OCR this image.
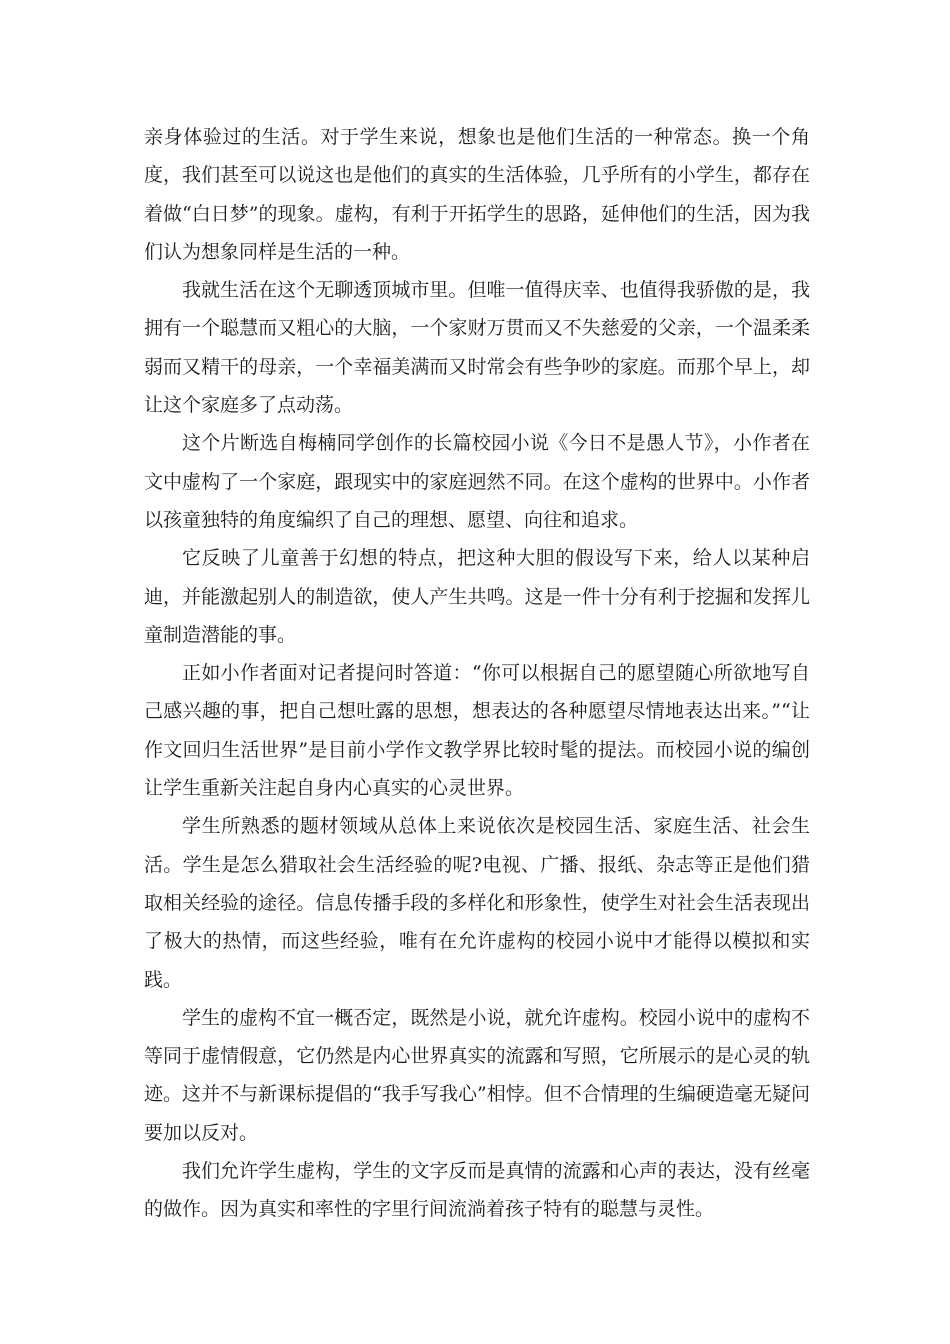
亲身体验过的生活。对于学生来说，想象也是他们生活的一种常态。换一个角度，我们甚至可以说这也是他们的真实的生活体验，几乎所有的小学生，都存在着做“白日梦”的现象。虚构，有利于开拓学生的思路，延伸他们的生活，因为我们认为想象同样是生活的一种。

我就生活在这个无聊透顶城市里。但唯一值得庆幸、也值得我骄傲的是，我拥有一个聪慧而又粗心的大脑，一个家财万贯而又不失慈爱的父亲，一个温柔柔弱而又精干的母亲，一个幸福美满而又时常会有些争吵的家庭。而那个早上，却让这个家庭多了点动荡。

这个片断选自梅楠同学创作的长篇校园小说《今日不是愚人节》，小作者在文中虚构了一个家庭，跟现实中的家庭迥然不同。在这个虚构的世界中。小作者以孩童独特的角度编织了自己的理想、愿望、向往和追求。

它反映了儿童善于幻想的特点，把这种大胆的假设写下来，给人以某种启迪，并能激起别人的制造欲，使人产生共鸣。这是一件十分有利于挖掘和发挥儿童制造潜能的事。

正如小作者面对记者提问时答道：“你可以根据自己的愿望随心所欲地写自己感兴趣的事，把自己想吐露的思想，想表达的各种愿望尽情地表达出来。”“让作文回归生活世界”是目前小学作文教学界比较时髦的提法。而校园小说的编创让学生重新关注起自身内心真实的心灵世界。

学生所熟悉的题材领域从总体上来说依次是校园生活、家庭生活、社会生活。学生是怎么猎取社会生活经验的呢?电视、广播、报纸、杂志等正是他们猎取相关经验的途径。信息传播手段的多样化和形象性，使学生对社会生活表现出了极大的热情，而这些经验，唯有在允许虚构的校园小说中才能得以模拟和实践。

学生的虚构不宜一概否定，既然是小说，就允许虚构。校园小说中的虚构不等同于虚情假意，它仍然是内心世界真实的流露和写照，它所展示的是心灵的轨迹。这并不与新课标提倡的“我手写我心”相悖。但不合情理的生编硬造毫无疑问要加以反对。

我们允许学生虚构，学生的文字反而是真情的流露和心声的表达，没有丝毫的做作。因为真实和率性的字里行间流淌着孩子特有的聪慧与灵性。
